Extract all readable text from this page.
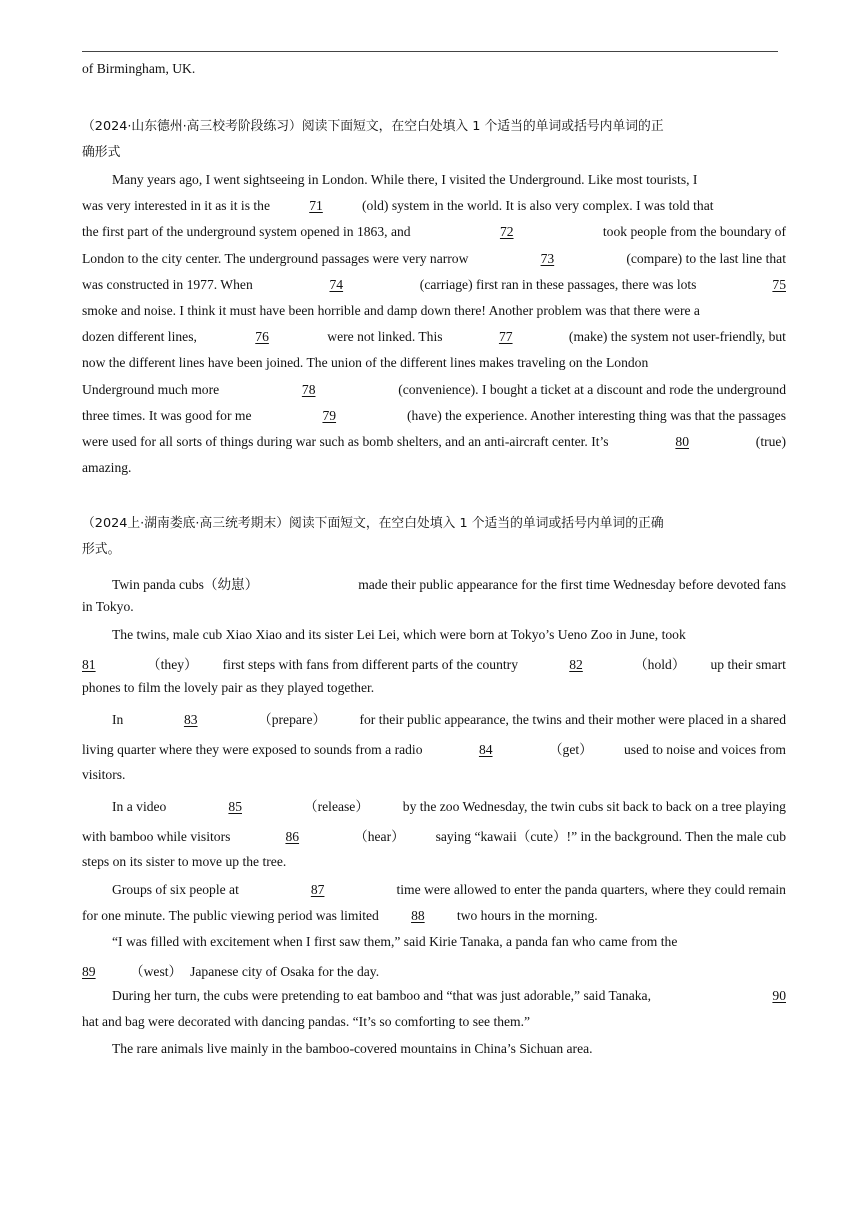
of Birmingham, UK.
（2024·山东德州·高三校考阶段练习）阅读下面短文，在空白处填入 1 个适当的单词或括号内单词的正
确形式
Many years ago, I went sightseeing in London. While there, I visited the Underground. Like most tourists, I
was very interested in it as it is the	71	(old) system in the world. It is also very complex. I was told that
the first part of the underground system opened in 1863, and	72	took people from the boundary of
London to the city center. The underground passages were very narrow	73	(compare) to the last line that
was constructed in 1977. When	74	(carriage) first ran in these passages, there was lots	75
smoke and noise. I think it must have been horrible and damp down there! Another problem was that there were a
dozen different lines,	76	were not linked. This	77	(make) the system not user-friendly, but
now the different lines have been joined. The union of the different lines makes traveling on the London
Underground much more	78	(convenience). I bought a ticket at a discount and rode the underground
three times. It was good for me	79	(have) the experience. Another interesting thing was that the passages
were used for all sorts of things during war such as bomb shelters, and an anti-aircraft center. It’s	80	(true)
amazing.
（2024上·湖南娄底·高三统考期末）阅读下面短文，在空白处填入 1 个适当的单词或括号内单词的正确
形式。
Twin panda cubs（幼崽）	made their public appearance for the first time Wednesday before devoted fans
in Tokyo.
The twins, male cub Xiao Xiao and its sister Lei Lei, which were born at Tokyo’s Ueno Zoo in June, took
81	（they） first steps with fans from different parts of the country	82	（hold） up their smart
phones to film the lovely pair as they played together.
In	83	（prepare） for their public appearance, the twins and their mother were placed in a shared
living quarter where they were exposed to sounds from a radio	84	（get） used to noise and voices from
visitors.
In a video	85	（release） by the zoo Wednesday, the twin cubs sit back to back on a tree playing
with bamboo while visitors	86	（hear） saying “kawaii（cute）!” in the background. Then the male cub
steps on its sister to move up the tree.
Groups of six people at	87	time were allowed to enter the panda quarters, where they could remain
for one minute. The public viewing period was limited	88	two hours in the morning.
“I was filled with excitement when I first saw them,” said Kirie Tanaka, a panda fan who came from the
89	（west） Japanese city of Osaka for the day.
During her turn, the cubs were pretending to eat bamboo and “that was just adorable,” said Tanaka,	90
hat and bag were decorated with dancing pandas. “It’s so comforting to see them.”
The rare animals live mainly in the bamboo-covered mountains in China’s Sichuan area.
